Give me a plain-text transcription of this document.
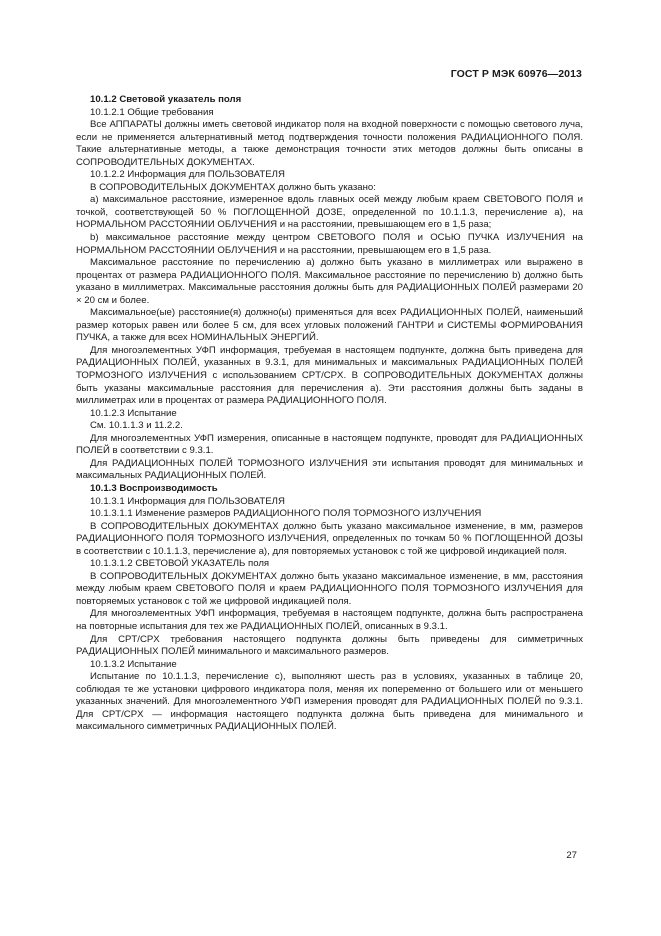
ГОСТ Р МЭК 60976—2013

10.1.2 Световой указатель поля

10.1.2.1 Общие требования

Все АППАРАТЫ должны иметь световой индикатор поля на входной поверхности с помощью светового луча, если не применяется альтернативный метод подтверждения точности положения РАДИАЦИОННОГО ПОЛЯ. Такие альтернативные методы, а также демонстрация точности этих методов должны быть описаны в СОПРОВОДИТЕЛЬНЫХ ДОКУМЕНТАХ.

10.1.2.2 Информация для ПОЛЬЗОВАТЕЛЯ

В СОПРОВОДИТЕЛЬНЫХ ДОКУМЕНТАХ должно быть указано:

а) максимальное расстояние, измеренное вдоль главных осей между любым краем СВЕТОВОГО ПОЛЯ и точкой, соответствующей 50 % ПОГЛОЩЕННОЙ ДОЗЕ, определенной по 10.1.1.3, перечисление а), на НОРМАЛЬНОМ РАССТОЯНИИ ОБЛУЧЕНИЯ и на расстоянии, превышающем его в 1,5 раза;

b) максимальное расстояние между центром СВЕТОВОГО ПОЛЯ и ОСЬЮ ПУЧКА ИЗЛУЧЕНИЯ на НОРМАЛЬНОМ РАССТОЯНИИ ОБЛУЧЕНИЯ и на расстоянии, превышающем его в 1,5 раза.

Максимальное расстояние по перечислению а) должно быть указано в миллиметрах или выражено в процентах от размера РАДИАЦИОННОГО ПОЛЯ. Максимальное расстояние по перечислению b) должно быть указано в миллиметрах. Максимальные расстояния должны быть для РАДИАЦИОННЫХ ПОЛЕЙ размерами 20 × 20 см и более.

Максимальное(ые) расстояние(я) должно(ы) применяться для всех РАДИАЦИОННЫХ ПОЛЕЙ, наименьший размер которых равен или более 5 см, для всех угловых положений ГАНТРИ и СИСТЕМЫ ФОРМИРОВАНИЯ ПУЧКА, а также для всех НОМИНАЛЬНЫХ ЭНЕРГИЙ.

Для многоэлементных УФП информация, требуемая в настоящем подпункте, должна быть приведена для РАДИАЦИОННЫХ ПОЛЕЙ, указанных в 9.3.1, для минимальных и максимальных РАДИАЦИОННЫХ ПОЛЕЙ ТОРМОЗНОГО ИЗЛУЧЕНИЯ с использованием CPT/CPX. В СОПРОВОДИТЕЛЬНЫХ ДОКУМЕНТАХ должны быть указаны максимальные расстояния для перечисления а). Эти расстояния должны быть заданы в миллиметрах или в процентах от размера РАДИАЦИОННОГО ПОЛЯ.

10.1.2.3 Испытание

См. 10.1.1.3 и 11.2.2.

Для многоэлементных УФП измерения, описанные в настоящем подпункте, проводят для РАДИАЦИОННЫХ ПОЛЕЙ в соответствии с 9.3.1.

Для РАДИАЦИОННЫХ ПОЛЕЙ ТОРМОЗНОГО ИЗЛУЧЕНИЯ эти испытания проводят для минимальных и максимальных РАДИАЦИОННЫХ ПОЛЕЙ.

10.1.3 Воспроизводимость

10.1.3.1 Информация для ПОЛЬЗОВАТЕЛЯ

10.1.3.1.1 Изменение размеров РАДИАЦИОННОГО ПОЛЯ ТОРМОЗНОГО ИЗЛУЧЕНИЯ

В СОПРОВОДИТЕЛЬНЫХ ДОКУМЕНТАХ должно быть указано максимальное изменение, в мм, размеров РАДИАЦИОННОГО ПОЛЯ ТОРМОЗНОГО ИЗЛУЧЕНИЯ, определенных по точкам 50 % ПОГЛОЩЕННОЙ ДОЗЫ в соответствии с 10.1.1.3, перечисление а), для повторяемых установок с той же цифровой индикацией поля.

10.1.3.1.2 СВЕТОВОЙ УКАЗАТЕЛЬ поля

В СОПРОВОДИТЕЛЬНЫХ ДОКУМЕНТАХ должно быть указано максимальное изменение, в мм, расстояния между любым краем СВЕТОВОГО ПОЛЯ и краем РАДИАЦИОННОГО ПОЛЯ ТОРМОЗНОГО ИЗЛУЧЕНИЯ для повторяемых установок с той же цифровой индикацией поля.

Для многоэлементных УФП информация, требуемая в настоящем подпункте, должна быть распространена на повторные испытания для тех же РАДИАЦИОННЫХ ПОЛЕЙ, описанных в 9.3.1.

Для CPT/CPX требования настоящего подпункта должны быть приведены для симметричных РАДИАЦИОННЫХ ПОЛЕЙ минимального и максимального размеров.

10.1.3.2 Испытание

Испытание по 10.1.1.3, перечисление с), выполняют шесть раз в условиях, указанных в таблице 20, соблюдая те же установки цифрового индикатора поля, меняя их попеременно от большего или от меньшего указанных значений. Для многоэлементного УФП измерения проводят для РАДИАЦИОННЫХ ПОЛЕЙ по 9.3.1. Для CPT/CPX — информация настоящего подпункта должна быть приведена для минимального и максимального симметричных РАДИАЦИОННЫХ ПОЛЕЙ.

27
